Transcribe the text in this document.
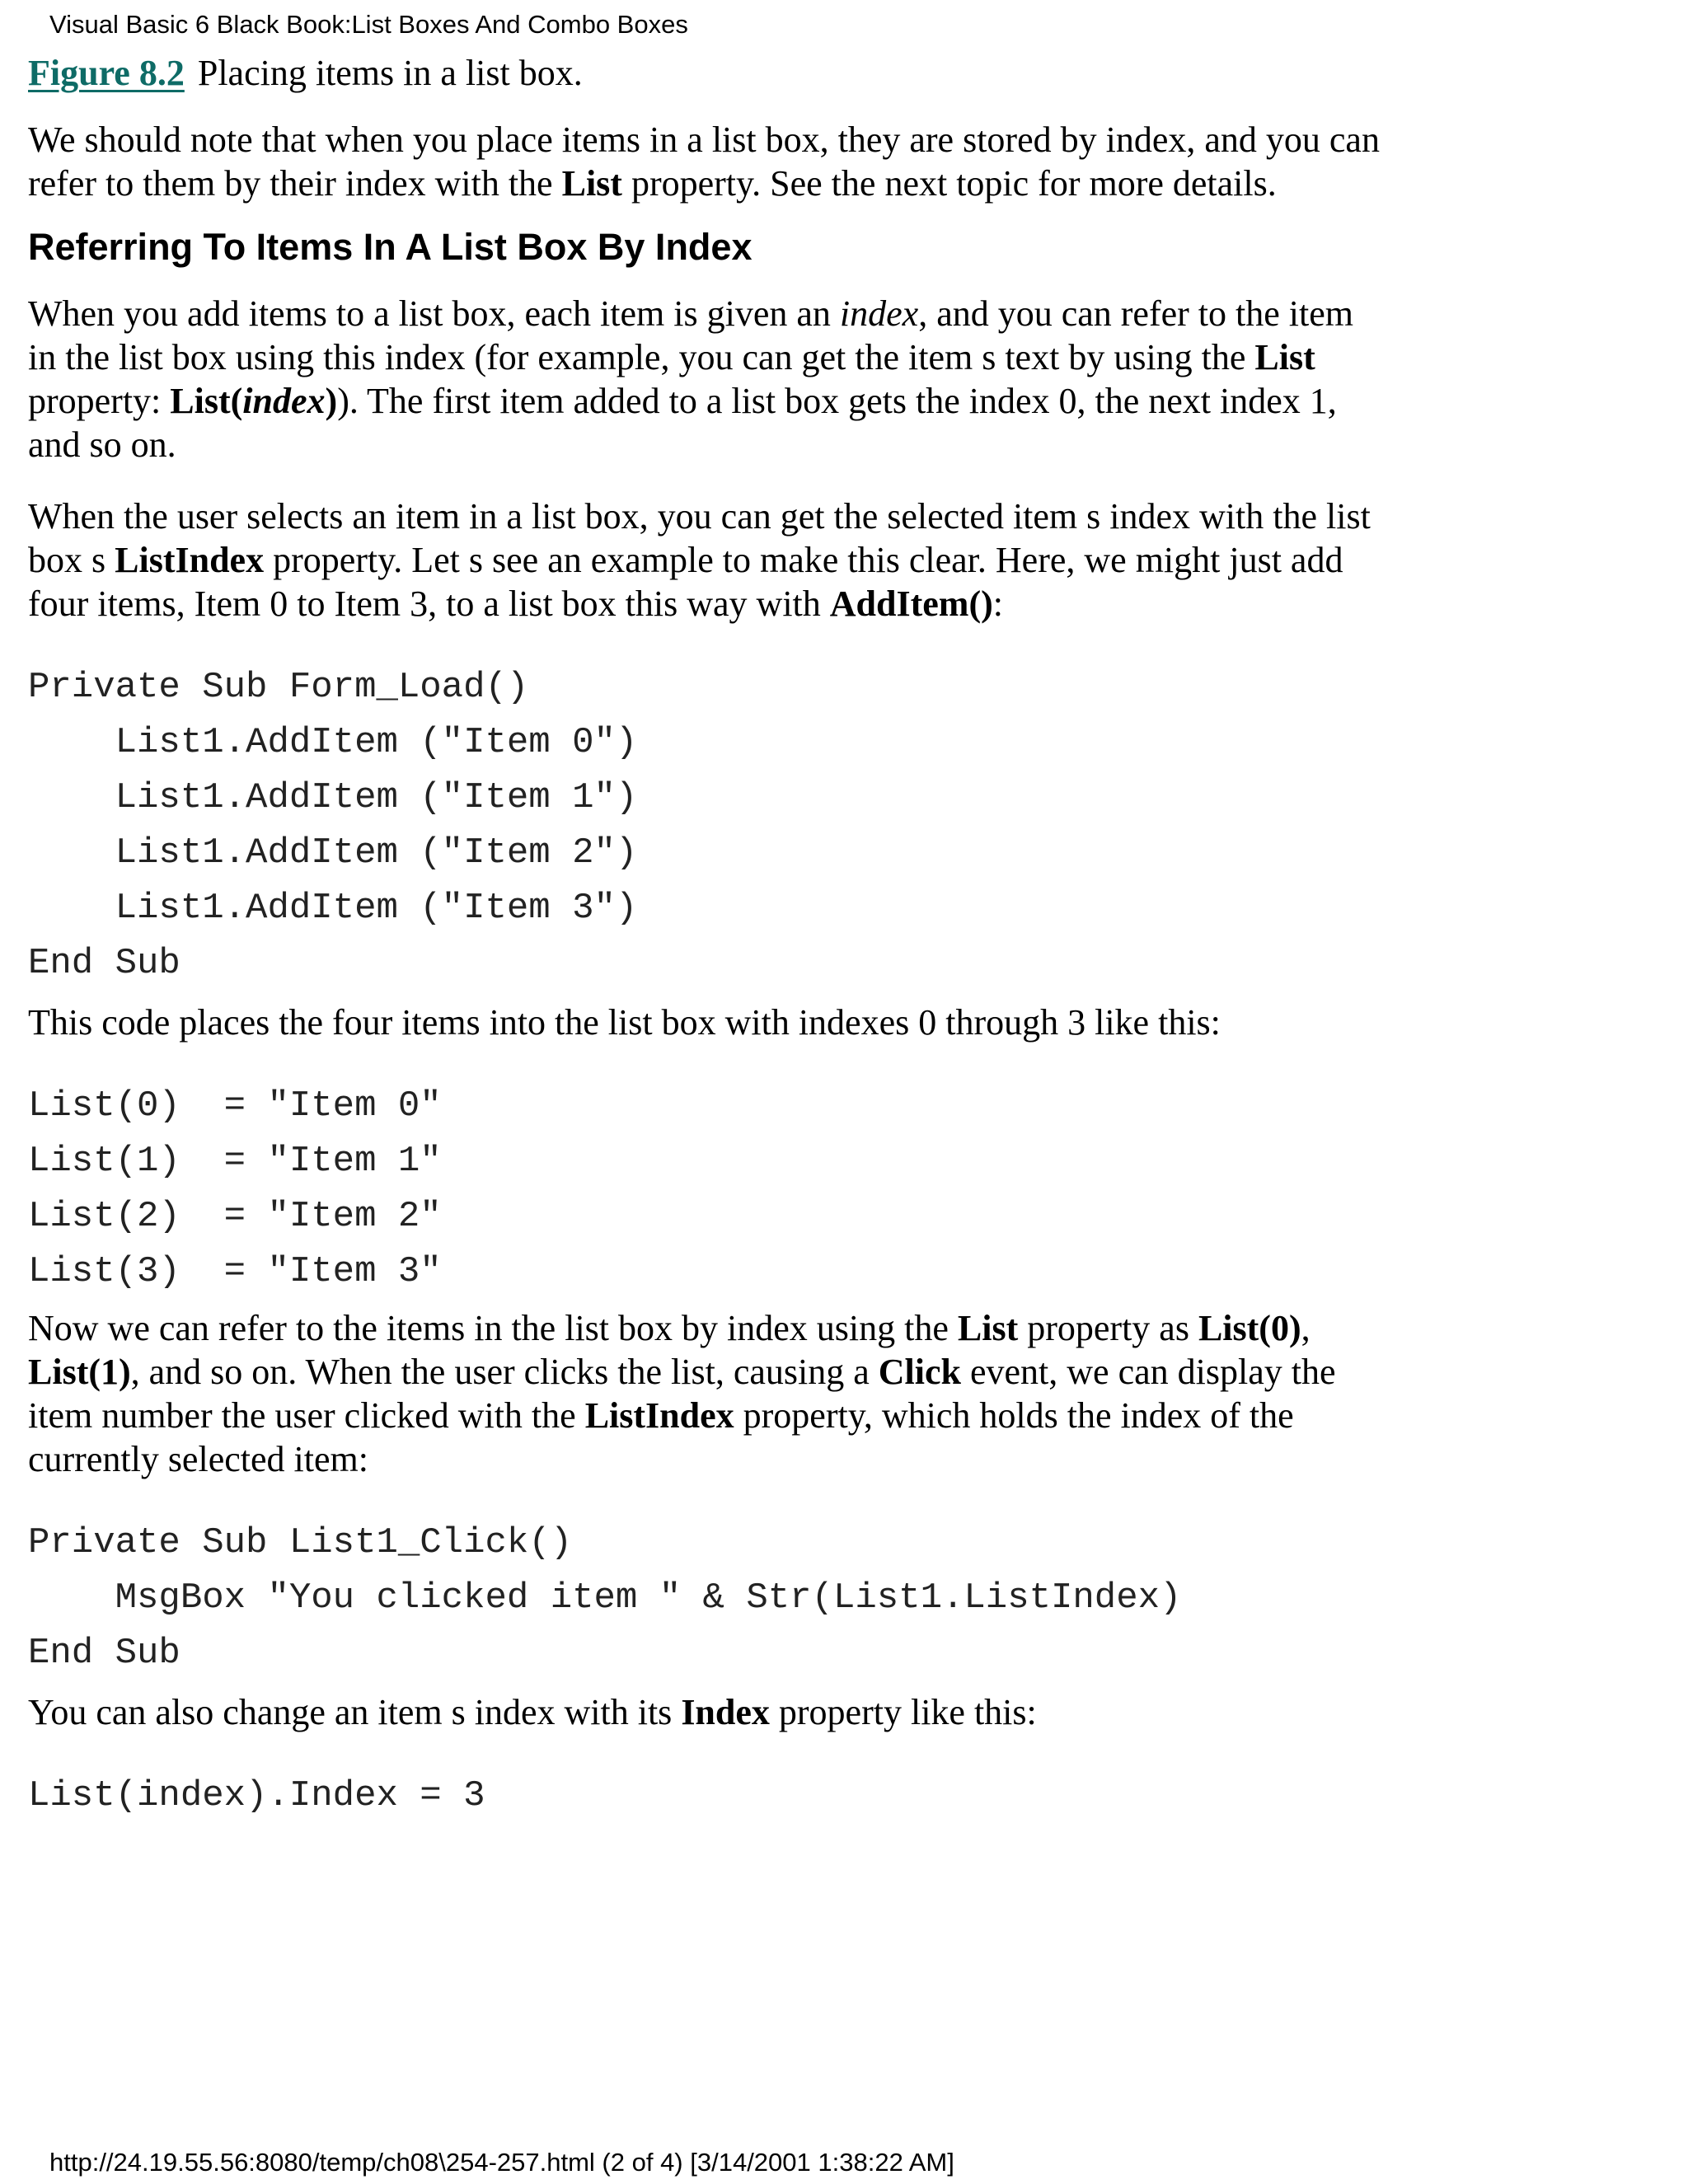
Visual Basic 6 Black Book:List Boxes And Combo Boxes

Figure 8.2 Placing items in a list box.

We should note that when you place items in a list box, they are stored by index, and you can refer to them by their index with the List property. See the next topic for more details.

Referring To Items In A List Box By Index

When you add items to a list box, each item is given an index, and you can refer to the item in the list box using this index (for example, you can get the item s text by using the List property: List(index)). The first item added to a list box gets the index 0, the next index 1, and so on.

When the user selects an item in a list box, you can get the selected item s index with the list box s ListIndex property. Let s see an example to make this clear. Here, we might just add four items, Item 0 to Item 3, to a list box this way with AddItem():

Private Sub Form_Load()
List1.AddItem ("Item 0")
List1.AddItem ("Item 1")
List1.AddItem ("Item 2")
List1.AddItem ("Item 3")
End Sub

This code places the four items into the list box with indexes 0 through 3 like this:

List(0)  = "Item 0"
List(1)  = "Item 1"
List(2)  = "Item 2"
List(3)  = "Item 3"

Now we can refer to the items in the list box by index using the List property as List(0), List(1), and so on. When the user clicks the list, causing a Click event, we can display the item number the user clicked with the ListIndex property, which holds the index of the currently selected item:

Private Sub List1_Click()
MsgBox "You clicked item " & Str(List1.ListIndex)
End Sub

You can also change an item s index with its Index property like this:

List(index).Index = 3
http://24.19.55.56:8080/temp/ch08\254-257.html (2 of 4) [3/14/2001 1:38:22 AM]
